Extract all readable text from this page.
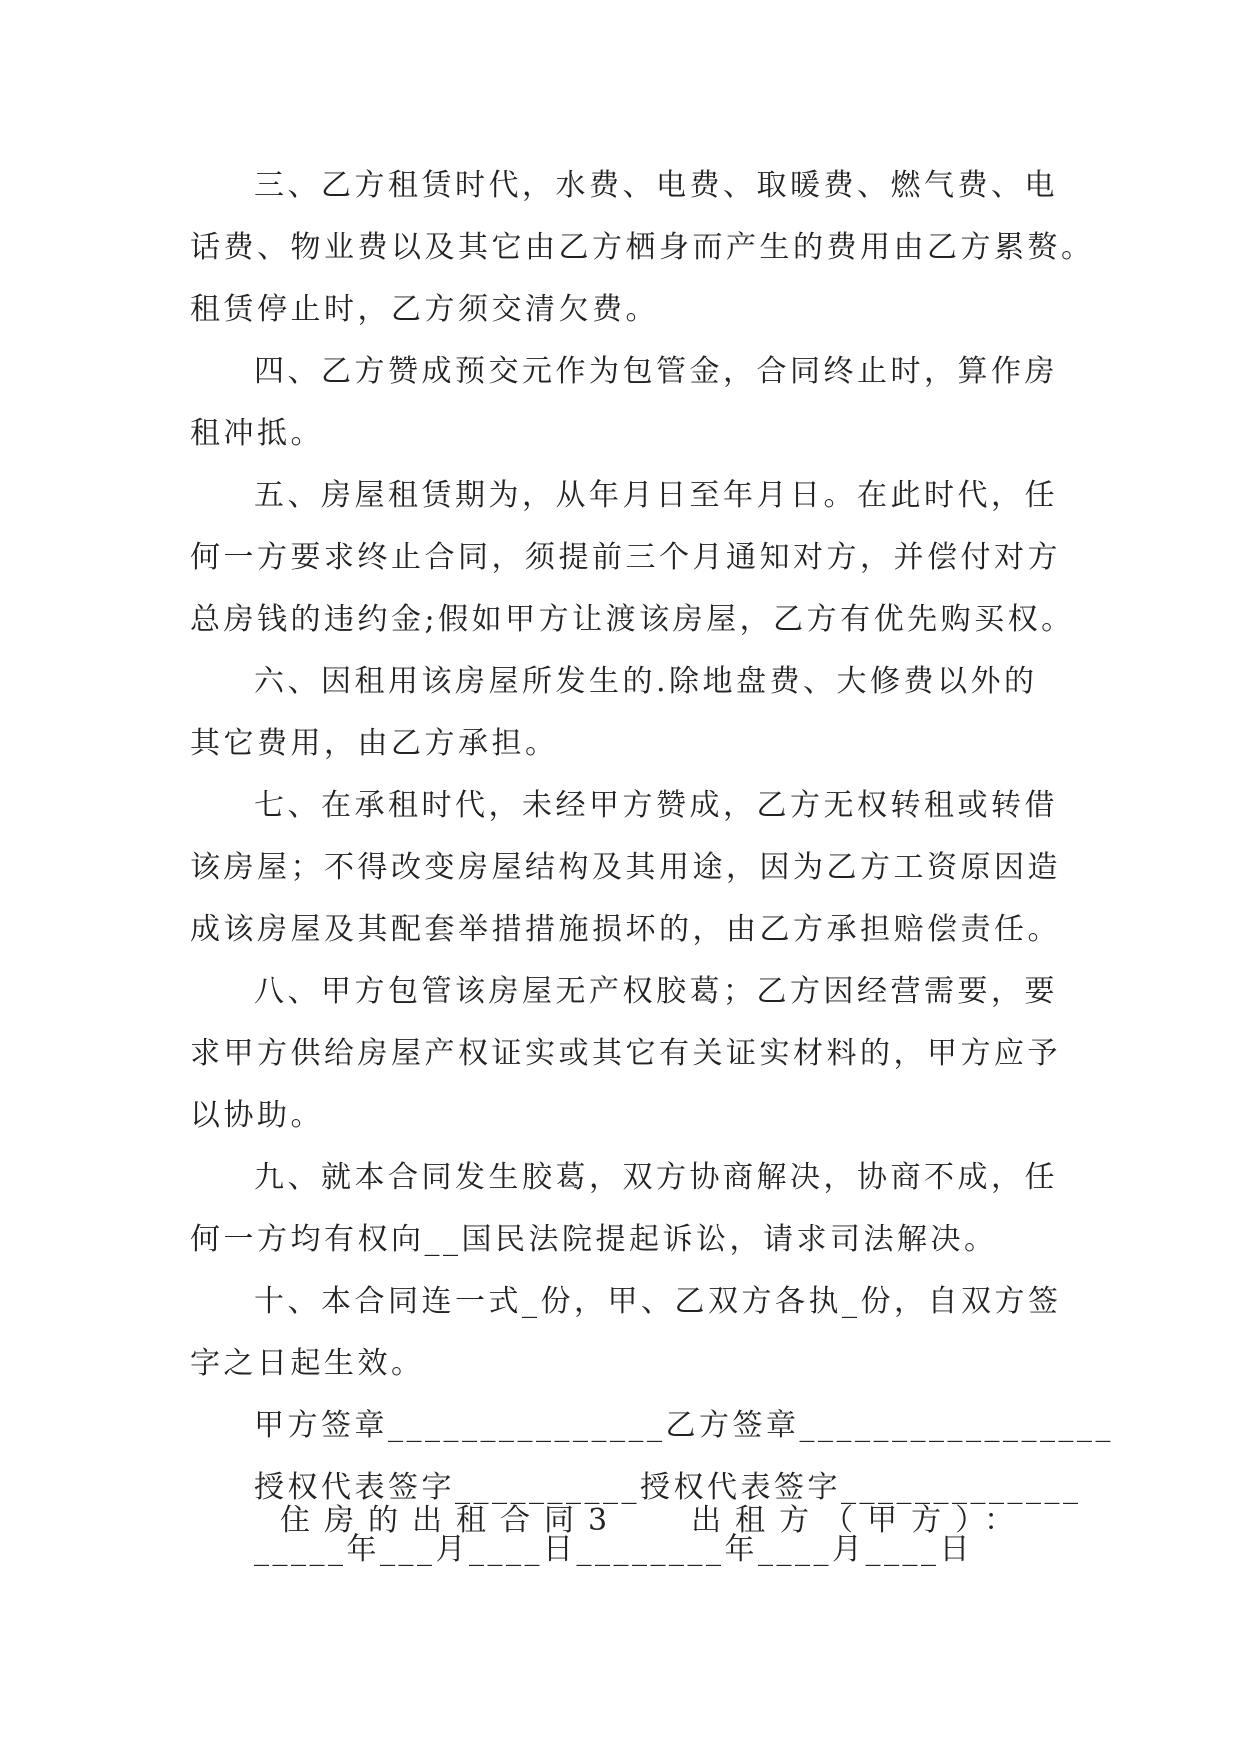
三、乙方租赁时代，水费、电费、取暖费、燃气费、电
话费、物业费以及其它由乙方栖身而产生的费用由乙方累赘。
租赁停止时，乙方须交清欠费。
四、乙方赞成预交元作为包管金，合同终止时，算作房
租冲抵。
五、房屋租赁期为，从年月日至年月日。在此时代，任
何一方要求终止合同，须提前三个月通知对方，并偿付对方
总房钱的违约金;假如甲方让渡该房屋，乙方有优先购买权。
六、因租用该房屋所发生的.除地盘费、大修费以外的
其它费用，由乙方承担。
七、在承租时代，未经甲方赞成，乙方无权转租或转借
该房屋；不得改变房屋结构及其用途，因为乙方工资原因造
成该房屋及其配套举措措施损坏的，由乙方承担赔偿责任。
八、甲方包管该房屋无产权胶葛；乙方因经营需要，要
求甲方供给房屋产权证实或其它有关证实材料的，甲方应予
以协助。
九、就本合同发生胶葛，双方协商解决，协商不成，任
何一方均有权向__国民法院提起诉讼，请求司法解决。
十、本合同连一式_份，甲、乙双方各执_份，自双方签
字之日起生效。
甲方签章_______________乙方签章_________________
授权代表签字__________授权代表签字_____________
_____年___月____日________年____月____日
住房的出租合同3 出租方（甲方）：
